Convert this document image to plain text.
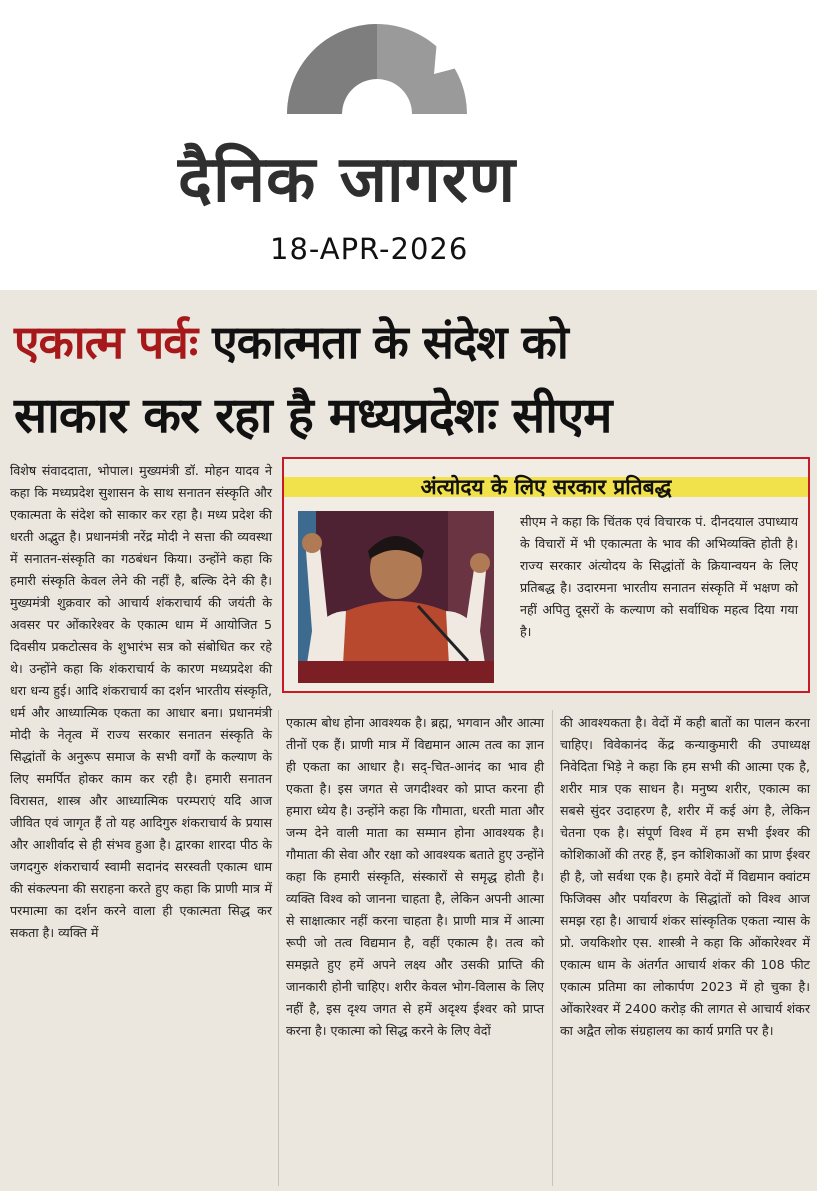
दैनिक जागरण
18-APR-2026
एकात्म पर्वः एकात्मता के संदेश को
साकार कर रहा है मध्यप्रदेशः सीएम
विशेष संवाददाता, भोपाल। मुख्यमंत्री डॉ. मोहन यादव ने कहा कि मध्यप्रदेश सुशासन के साथ सनातन संस्कृति और एकात्मता के संदेश को साकार कर रहा है। मध्य प्रदेश की धरती अद्भुत है। प्रधानमंत्री नरेंद्र मोदी ने सत्ता की व्यवस्था में सनातन-संस्कृति का गठबंधन किया। उन्होंने कहा कि हमारी संस्कृति केवल लेने की नहीं है, बल्कि देने की है। मुख्यमंत्री शुक्रवार को आचार्य शंकराचार्य की जयंती के अवसर पर ओंकारेश्वर के एकात्म धाम में आयोजित 5 दिवसीय प्रकटोत्सव के शुभारंभ सत्र को संबोधित कर रहे थे। उन्होंने कहा कि शंकराचार्य के कारण मध्यप्रदेश की धरा धन्य हुई। आदि शंकराचार्य का दर्शन भारतीय संस्कृति, धर्म और आध्यात्मिक एकता का आधार बना। प्रधानमंत्री मोदी के नेतृत्व में राज्य सरकार सनातन संस्कृति के सिद्धांतों के अनुरूप समाज के सभी वर्गों के कल्याण के लिए समर्पित होकर काम कर रही है। हमारी सनातन विरासत, शास्त्र और आध्यात्मिक परम्पराएं यदि आज जीवित एवं जागृत हैं तो यह आदिगुरु शंकराचार्य के प्रयास और आशीर्वाद से ही संभव हुआ है। द्वारका शारदा पीठ के जगदगुरु शंकराचार्य स्वामी सदानंद सरस्वती एकात्म धाम की संकल्पना की सराहना करते हुए कहा कि प्राणी मात्र में परमात्मा का दर्शन करने वाला ही एकात्मता सिद्ध कर सकता है। व्यक्ति में
अंत्योदय के लिए सरकार प्रतिबद्ध
सीएम ने कहा कि चिंतक एवं विचारक पं. दीनदयाल उपाध्याय के विचारों में भी एकात्मता के भाव की अभिव्यक्ति होती है। राज्य सरकार अंत्योदय के सिद्धांतों के क्रियान्वयन के लिए प्रतिबद्ध है। उदारमना भारतीय सनातन संस्कृति में भक्षण को नहीं अपितु दूसरों के कल्याण को सर्वाधिक महत्व दिया गया है।
एकात्म बोध होना आवश्यक है। ब्रह्म, भगवान और आत्मा तीनों एक हैं। प्राणी मात्र में विद्यमान आत्म तत्व का ज्ञान ही एकता का आधार है। सद्-चित-आनंद का भाव ही एकता है। इस जगत से जगदीश्वर को प्राप्त करना ही हमारा ध्येय है। उन्होंने कहा कि गौमाता, धरती माता और जन्म देने वाली माता का सम्मान होना आवश्यक है। गौमाता की सेवा और रक्षा को आवश्यक बताते हुए उन्होंने कहा कि हमारी संस्कृति, संस्कारों से समृद्ध होती है। व्यक्ति विश्व को जानना चाहता है, लेकिन अपनी आत्मा से साक्षात्कार नहीं करना चाहता है। प्राणी मात्र में आत्मा रूपी जो तत्व विद्यमान है, वहीं एकात्म है। तत्व को समझते हुए हमें अपने लक्ष्य और उसकी प्राप्ति की जानकारी होनी चाहिए। शरीर केवल भोग-विलास के लिए नहीं है, इस दृश्य जगत से हमें अदृश्य ईश्वर को प्राप्त करना है। एकात्मा को सिद्ध करने के लिए वेदों
की आवश्यकता है। वेदों में कही बातों का पालन करना चाहिए। विवेकानंद केंद्र कन्याकुमारी की उपाध्यक्ष निवेदिता भिड़े ने कहा कि हम सभी की आत्मा एक है, शरीर मात्र एक साधन है। मनुष्य शरीर, एकात्म का सबसे सुंदर उदाहरण है, शरीर में कई अंग है, लेकिन चेतना एक है। संपूर्ण विश्व में हम सभी ईश्वर की कोशिकाओं की तरह हैं, इन कोशिकाओं का प्राण ईश्वर ही है, जो सर्वथा एक है। हमारे वेदों में विद्यमान क्वांटम फिजिक्स और पर्यावरण के सिद्धांतों को विश्व आज समझ रहा है। आचार्य शंकर सांस्कृतिक एकता न्यास के प्रो. जयकिशोर एस. शास्त्री ने कहा कि ओंकारेश्वर में एकात्म धाम के अंतर्गत आचार्य शंकर की 108 फीट एकात्म प्रतिमा का लोकार्पण 2023 में हो चुका है। ओंकारेश्वर में 2400 करोड़ की लागत से आचार्य शंकर का अद्वैत लोक संग्रहालय का कार्य प्रगति पर है।
